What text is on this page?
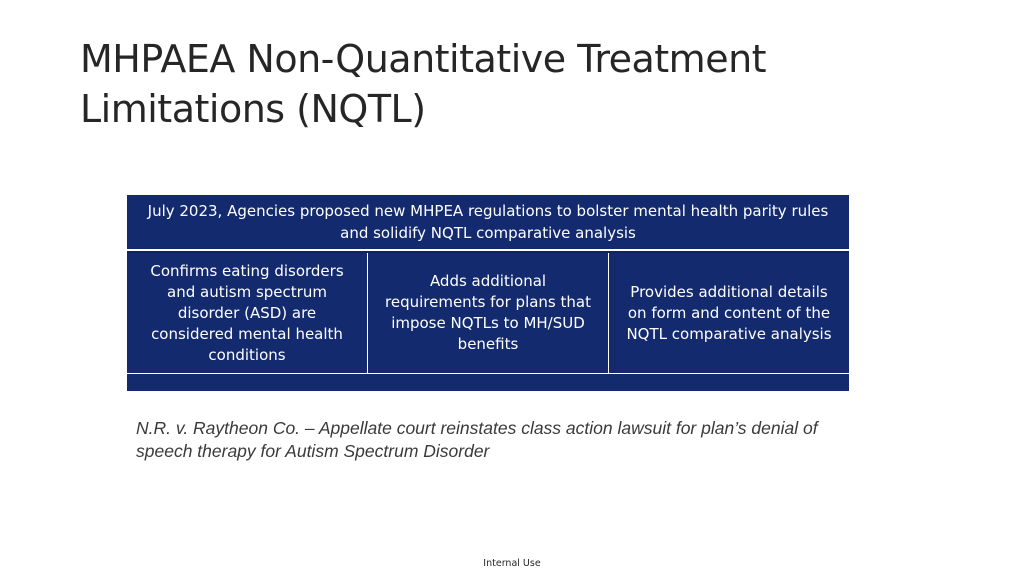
MHPAEA Non-Quantitative Treatment Limitations (NQTL)
July 2023, Agencies proposed new MHPEA regulations to bolster mental health parity rules and solidify NQTL comparative analysis
Confirms eating disorders and autism spectrum disorder (ASD) are considered mental health conditions
Adds additional requirements for plans that impose NQTLs to MH/SUD benefits
Provides additional details on form and content of the NQTL comparative analysis

N.R. v. Raytheon Co. – Appellate court reinstates class action lawsuit for plan’s denial of speech therapy for Autism Spectrum Disorder

Internal Use
